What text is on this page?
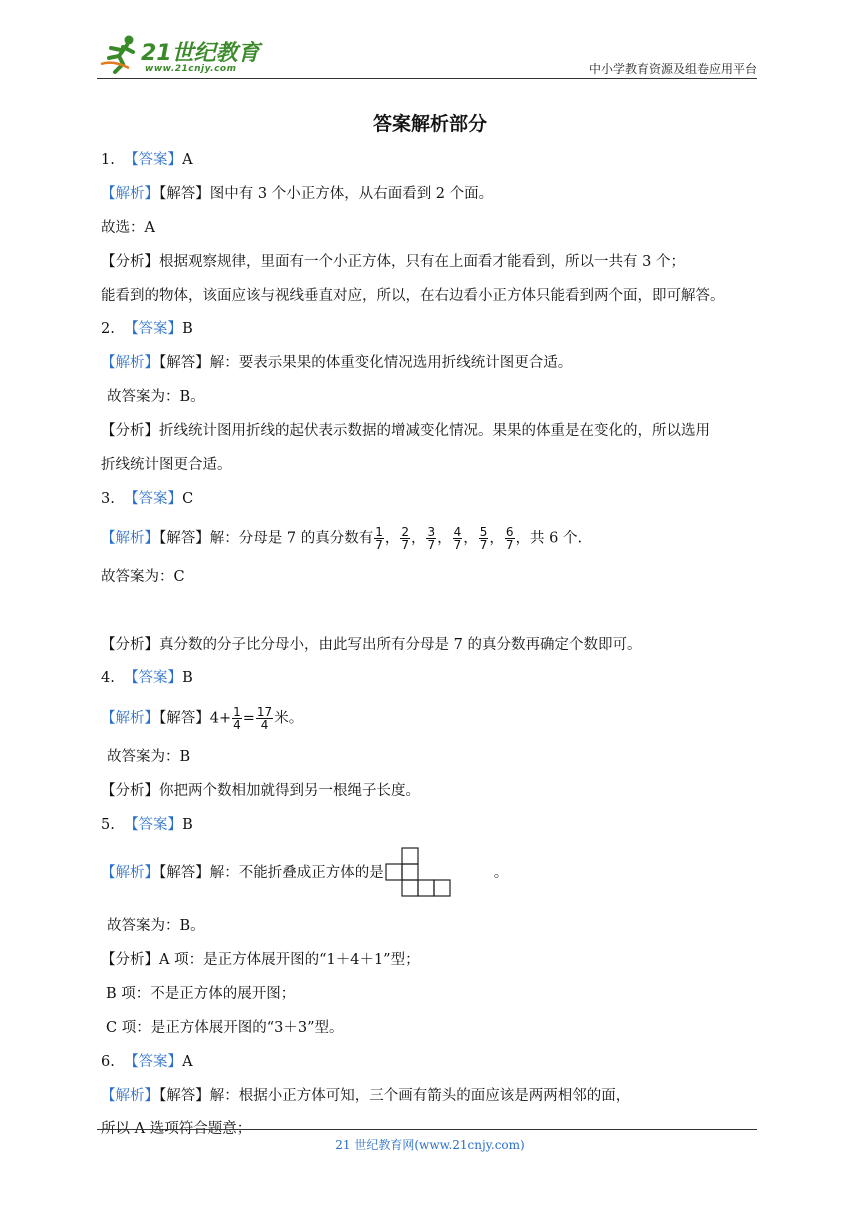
21世纪教育
www.21cnjy.com	中小学教育资源及组卷应用平台
答案解析部分
1. 【答案】A
【解析】【解答】图中有 3 个小正方体，从右面看到 2 个面。
故选：A
【分析】根据观察规律，里面有一个小正方体，只有在上面看才能看到，所以一共有 3 个；
能看到的物体，该面应该与视线垂直对应，所以，在右边看小正方体只能看到两个面，即可解答。
2. 【答案】B
【解析】【解答】解：要表示果果的体重变化情况选用折线统计图更合适。
故答案为：B。
【分析】折线统计图用折线的起伏表示数据的增减变化情况。果果的体重是在变化的，所以选用
折线统计图更合适。
3. 【答案】C
【解析】【解答】解：分母是 7 的真分数有 $\frac{1}{7}$ ， $\frac{2}{7}$ ， $\frac{3}{7}$ ， $\frac{4}{7}$ ， $\frac{5}{7}$ ， $\frac{6}{7}$ ，共 6 个.
故答案为：C
【分析】真分数的分子比分母小，由此写出所有分母是 7 的真分数再确定个数即可。
4. 【答案】B
【解析】【解答】$4+ \frac{1}{4} = \frac{17}{4}$ 米。
故答案为：B
【分析】你把两个数相加就得到另一根绳子长度。
5. 【答案】B
【解析】【解答】解：不能折叠成正方体的是	。
故答案为：B。
【分析】A 项：是正方体展开图的“1＋4＋1”型；
B 项：不是正方体的展开图；
C 项：是正方体展开图的“3＋3”型。
6. 【答案】A
【解析】【解答】解：根据小正方体可知，三个画有箭头的面应该是两两相邻的面，
所以 A 选项符合题意；
21 世纪教育网(www.21cnjy.com)
